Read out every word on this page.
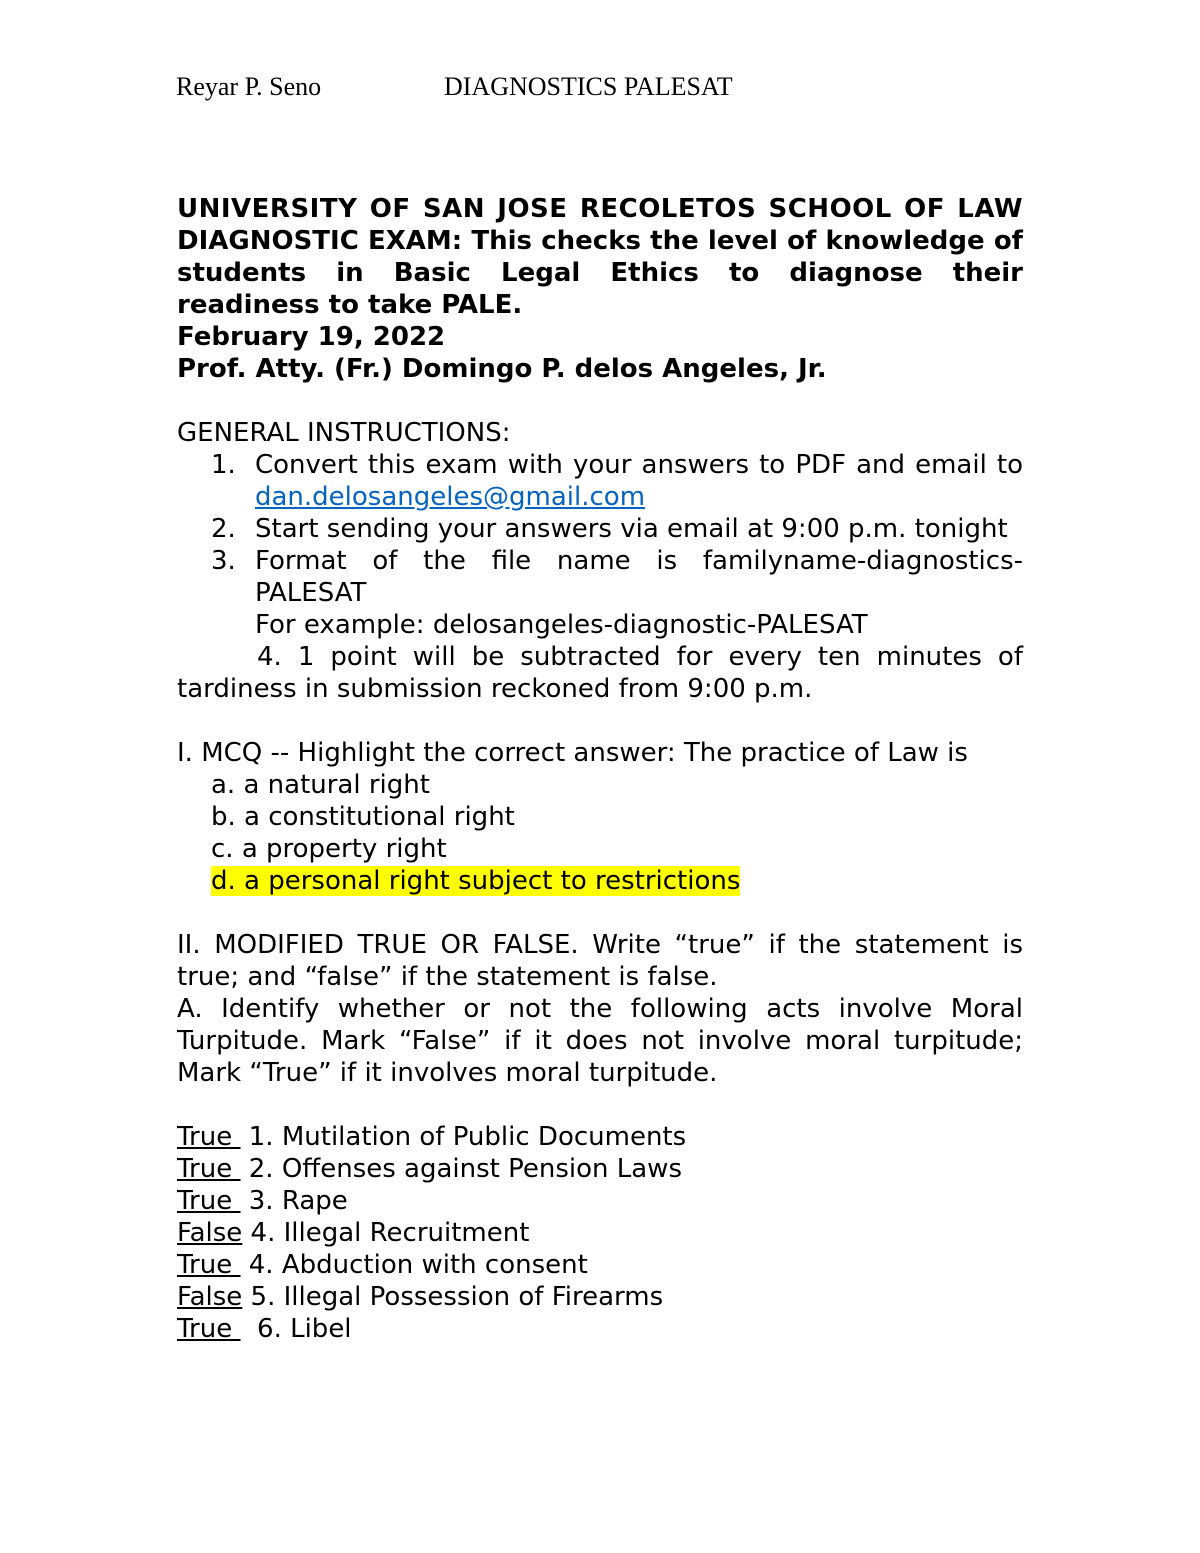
Reyar P. Seno	DIAGNOSTICS PALESAT
UNIVERSITY OF SAN JOSE RECOLETOS SCHOOL OF LAW
DIAGNOSTIC EXAM: This checks the level of knowledge of students in Basic Legal Ethics to diagnose their readiness to take PALE.
February 19, 2022
Prof. Atty. (Fr.) Domingo P. delos Angeles, Jr.
GENERAL INSTRUCTIONS:
1. Convert this exam with your answers to PDF and email to dan.delosangeles@gmail.com
2. Start sending your answers via email at 9:00 p.m. tonight
3. Format of the file name is familyname-diagnostics-PALESAT
For example: delosangeles-diagnostic-PALESAT
4. 1 point will be subtracted for every ten minutes of tardiness in submission reckoned from 9:00 p.m.
I. MCQ -- Highlight the correct answer: The practice of Law is
a. a natural right
b. a constitutional right
c. a property right
d. a personal right subject to restrictions
II. MODIFIED TRUE OR FALSE. Write “true” if the statement is true; and “false” if the statement is false.
A. Identify whether or not the following acts involve Moral Turpitude. Mark “False” if it does not involve moral turpitude; Mark “True” if it involves moral turpitude.
True  1. Mutilation of Public Documents
True  2. Offenses against Pension Laws
True  3. Rape
False 4. Illegal Recruitment
True  4. Abduction with consent
False 5. Illegal Possession of Firearms
True   6. Libel
